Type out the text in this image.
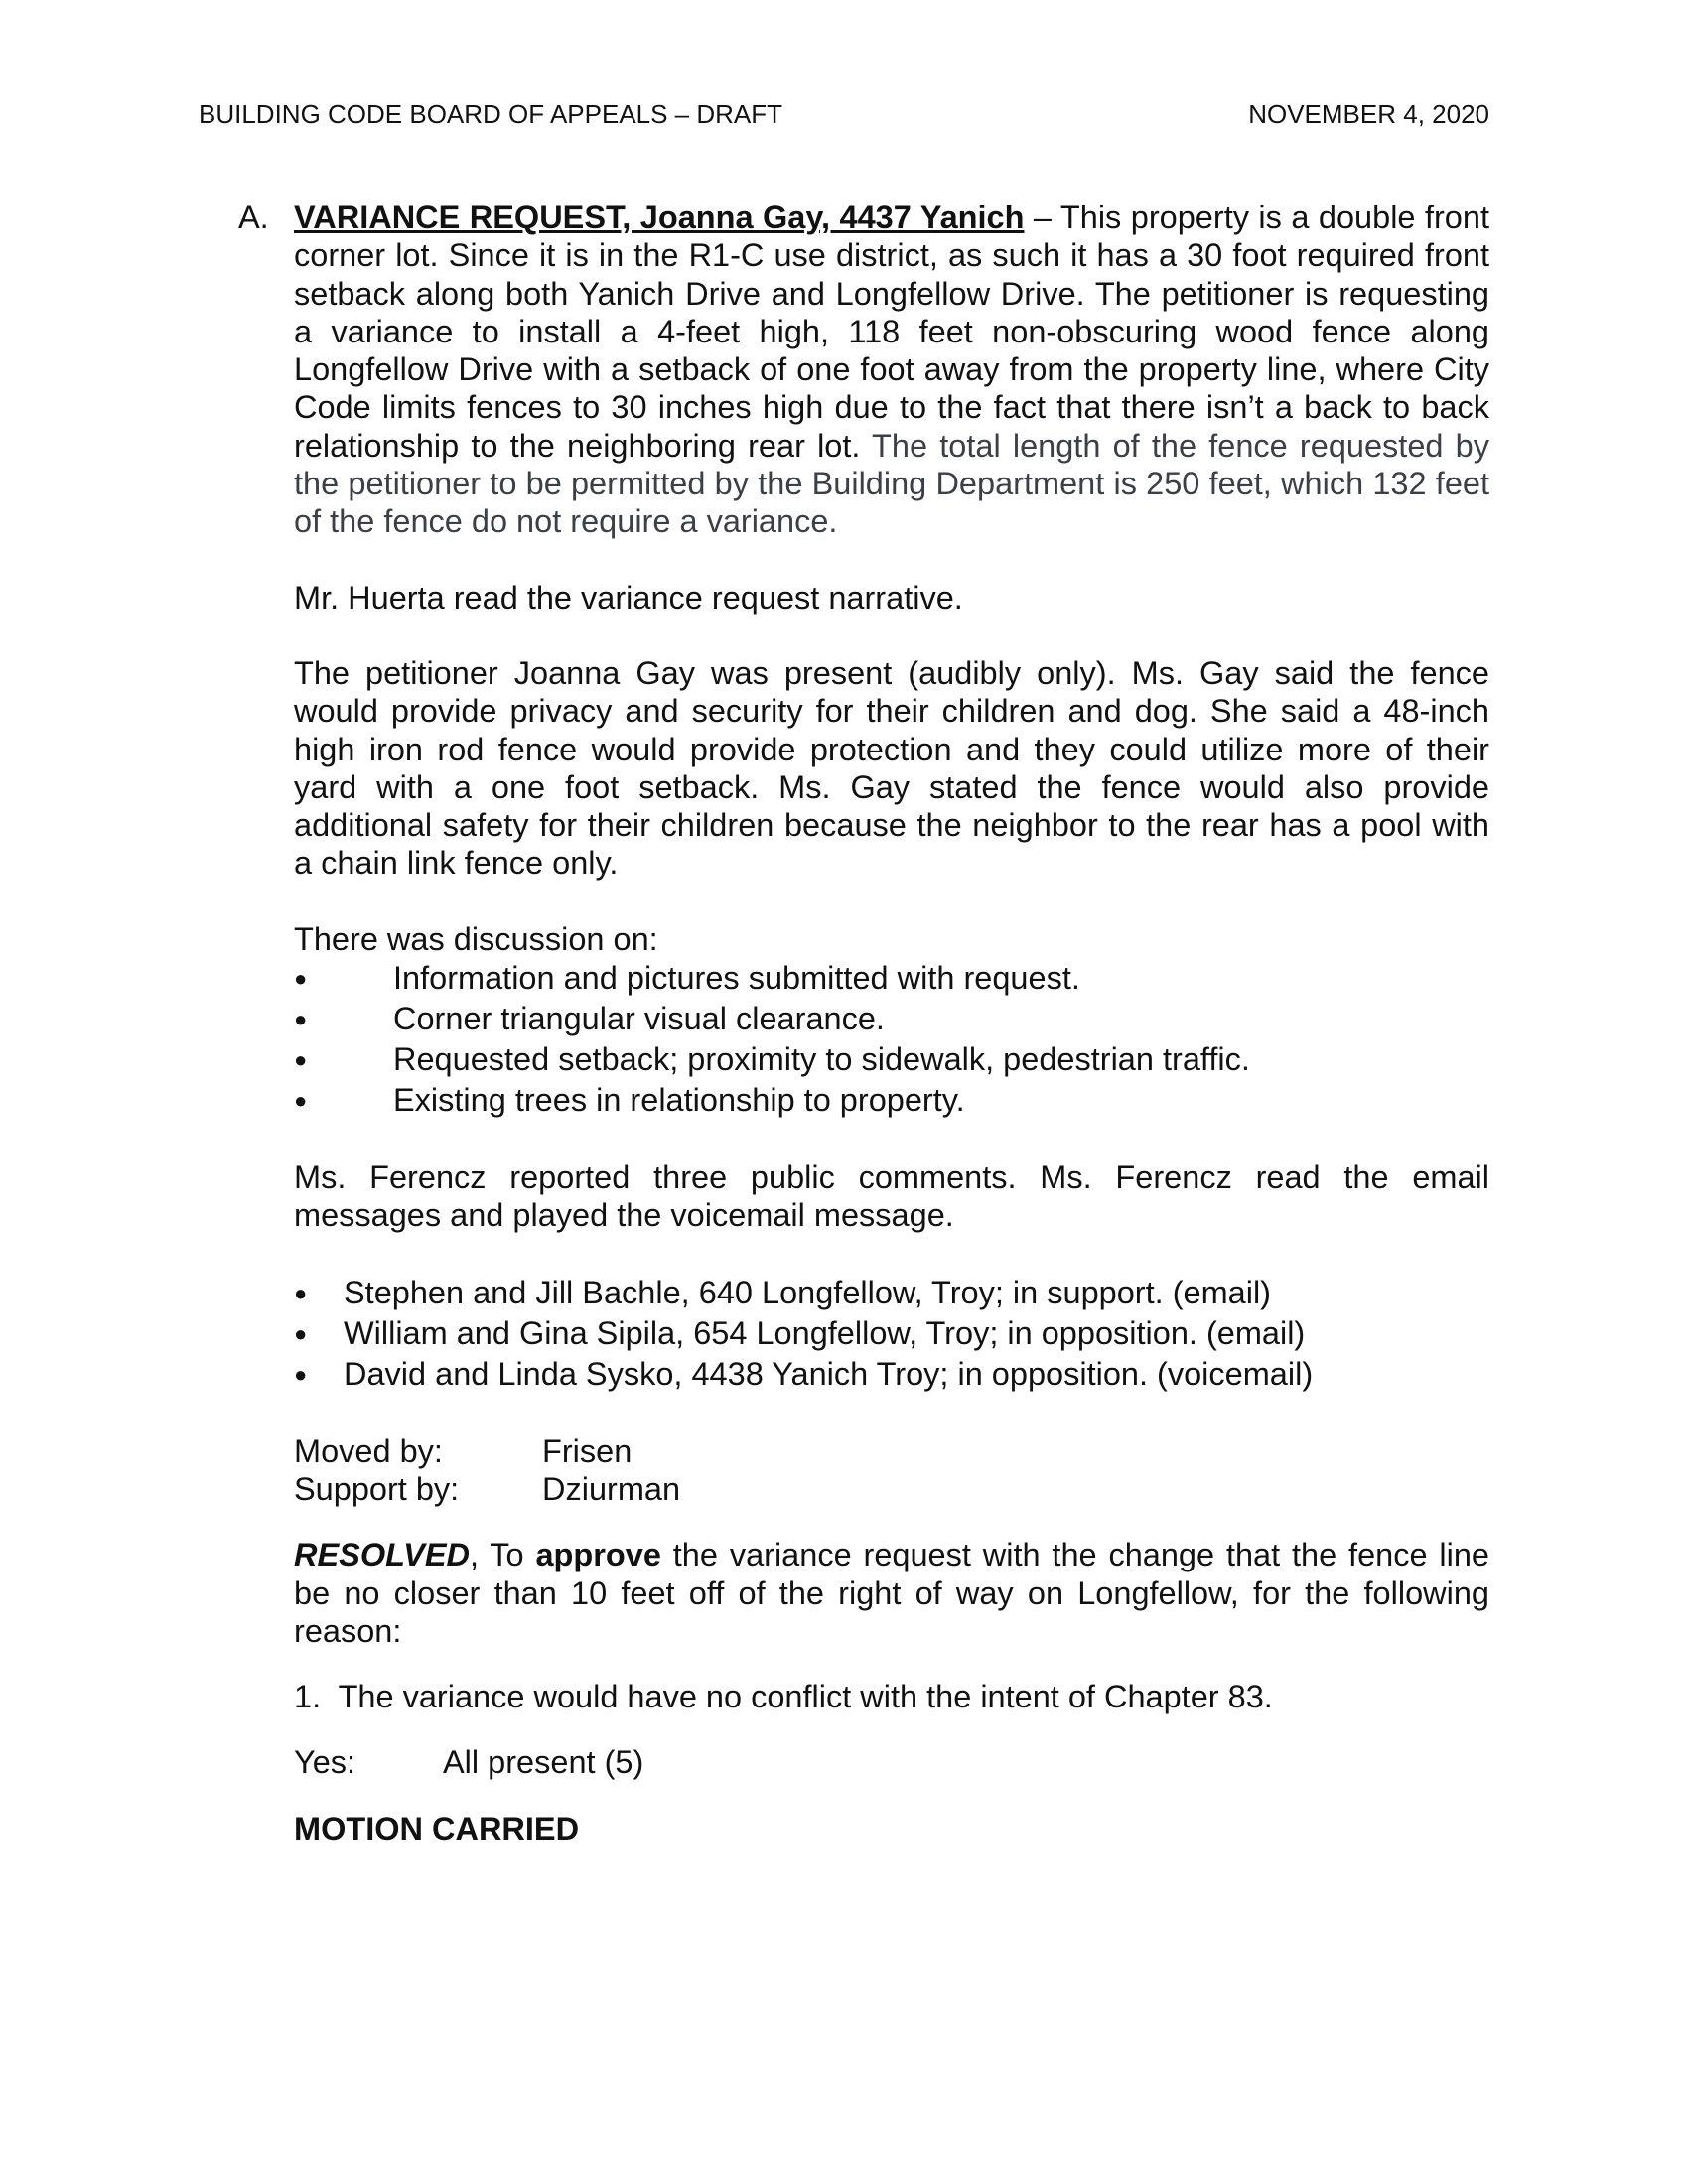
BUILDING CODE BOARD OF APPEALS – DRAFT	NOVEMBER 4, 2020
A. VARIANCE REQUEST, Joanna Gay, 4437 Yanich – This property is a double front corner lot. Since it is in the R1-C use district, as such it has a 30 foot required front setback along both Yanich Drive and Longfellow Drive. The petitioner is requesting a variance to install a 4-feet high, 118 feet non-obscuring wood fence along Longfellow Drive with a setback of one foot away from the property line, where City Code limits fences to 30 inches high due to the fact that there isn’t a back to back relationship to the neighboring rear lot. The total length of the fence requested by the petitioner to be permitted by the Building Department is 250 feet, which 132 feet of the fence do not require a variance.

Mr. Huerta read the variance request narrative.

The petitioner Joanna Gay was present (audibly only). Ms. Gay said the fence would provide privacy and security for their children and dog. She said a 48-inch high iron rod fence would provide protection and they could utilize more of their yard with a one foot setback. Ms. Gay stated the fence would also provide additional safety for their children because the neighbor to the rear has a pool with a chain link fence only.

There was discussion on:

●	Information and pictures submitted with request.
●	Corner triangular visual clearance.
●	Requested setback; proximity to sidewalk, pedestrian traffic.
●	Existing trees in relationship to property.

Ms. Ferencz reported three public comments. Ms. Ferencz read the email messages and played the voicemail message.

● Stephen and Jill Bachle, 640 Longfellow, Troy; in support. (email)
● William and Gina Sipila, 654 Longfellow, Troy; in opposition. (email)
● David and Linda Sysko, 4438 Yanich Troy; in opposition. (voicemail)
Moved by:	Frisen
Support by:	Dziurman

RESOLVED, To approve the variance request with the change that the fence line be no closer than 10 feet off of the right of way on Longfellow, for the following reason:

1.  The variance would have no conflict with the intent of Chapter 83.

Yes:	All present (5)

MOTION CARRIED
